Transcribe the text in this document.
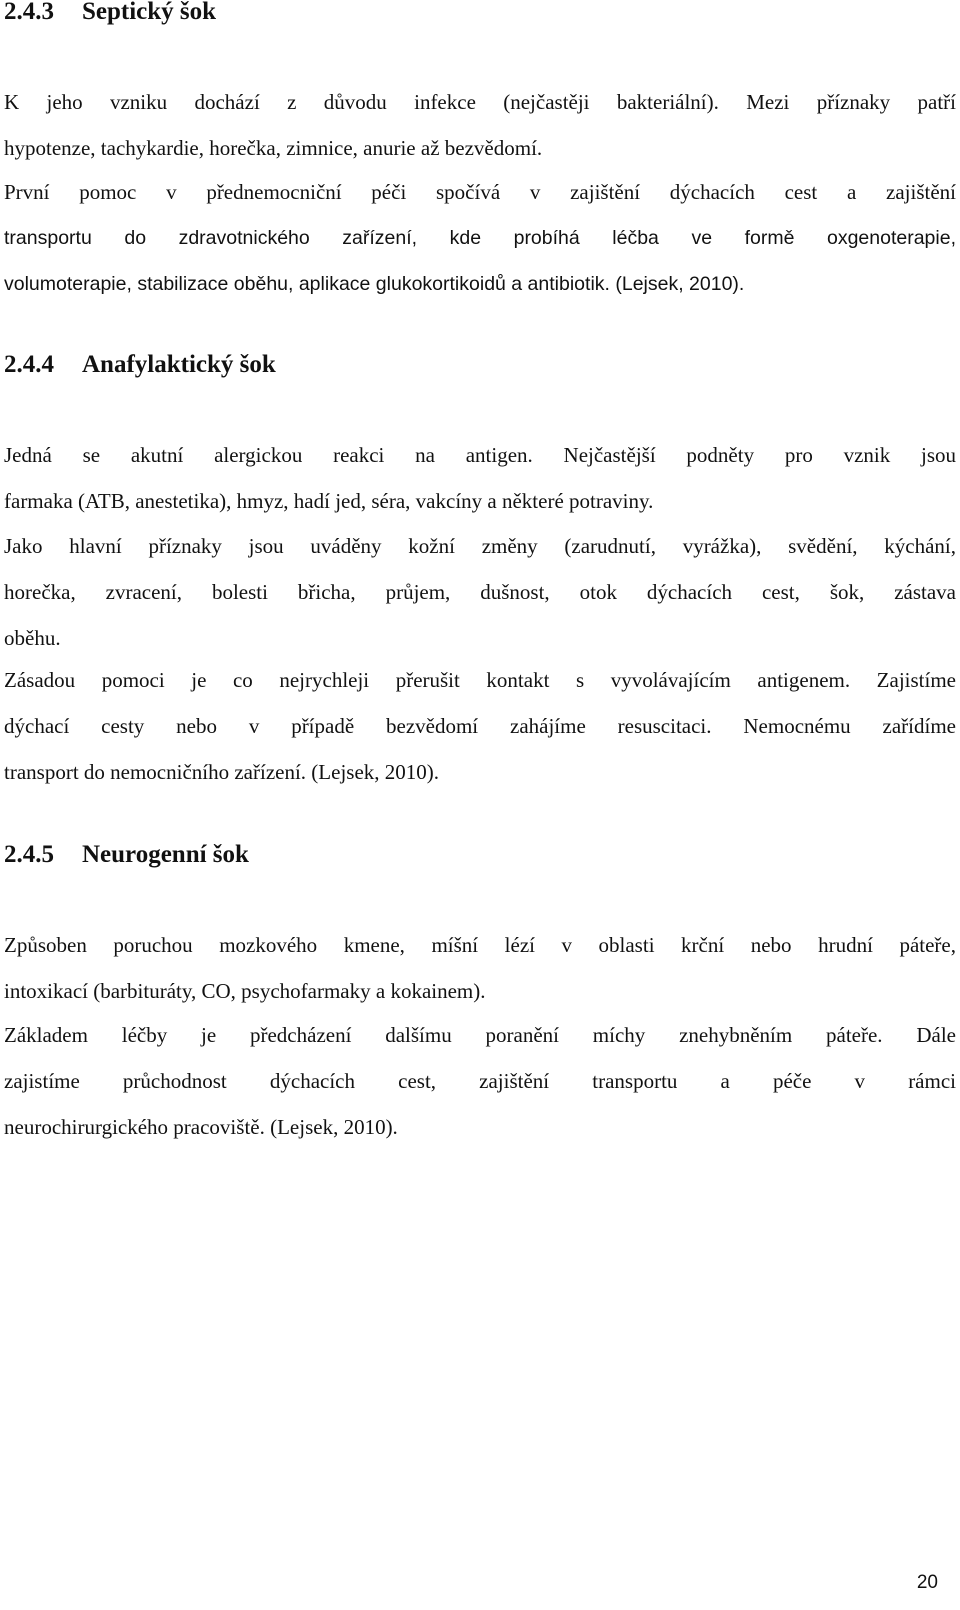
2.4.3 Septický šok
K jeho vzniku dochází z důvodu infekce (nejčastěji bakteriální). Mezi příznaky patří
hypotenze, tachykardie, horečka, zimnice, anurie až bezvědomí.
První pomoc v přednemocniční péči spočívá v zajištění dýchacích cest a zajištění
transportu do zdravotnického zařízení, kde probíhá léčba ve formě oxgenoterapie,
volumoterapie, stabilizace oběhu, aplikace glukokortikoidů a antibiotik. (Lejsek, 2010).
2.4.4 Anafylaktický šok
Jedná se akutní alergickou reakci na antigen. Nejčastější podněty pro vznik jsou
farmaka (ATB, anestetika), hmyz, hadí jed, séra, vakcíny a některé potraviny.
Jako hlavní příznaky jsou uváděny kožní změny (zarudnutí, vyrážka), svědění, kýchání,
horečka, zvracení, bolesti břicha, průjem, dušnost, otok dýchacích cest, šok, zástava
oběhu.
Zásadou pomoci je co nejrychleji přerušit kontakt s vyvolávajícím antigenem. Zajistíme
dýchací cesty nebo v případě bezvědomí zahájíme resuscitaci. Nemocnému zařídíme
transport do nemocničního zařízení. (Lejsek, 2010).
2.4.5 Neurogenní šok
Způsoben poruchou mozkového kmene, míšní lézí v oblasti krční nebo hrudní páteře,
intoxikací (barbituráty, CO, psychofarmaky a kokainem).
Základem léčby je předcházení dalšímu poranění míchy znehybněním páteře. Dále
zajistíme průchodnost dýchacích cest, zajištění transportu a péče v rámci
neurochirurgického pracoviště. (Lejsek, 2010).
20
